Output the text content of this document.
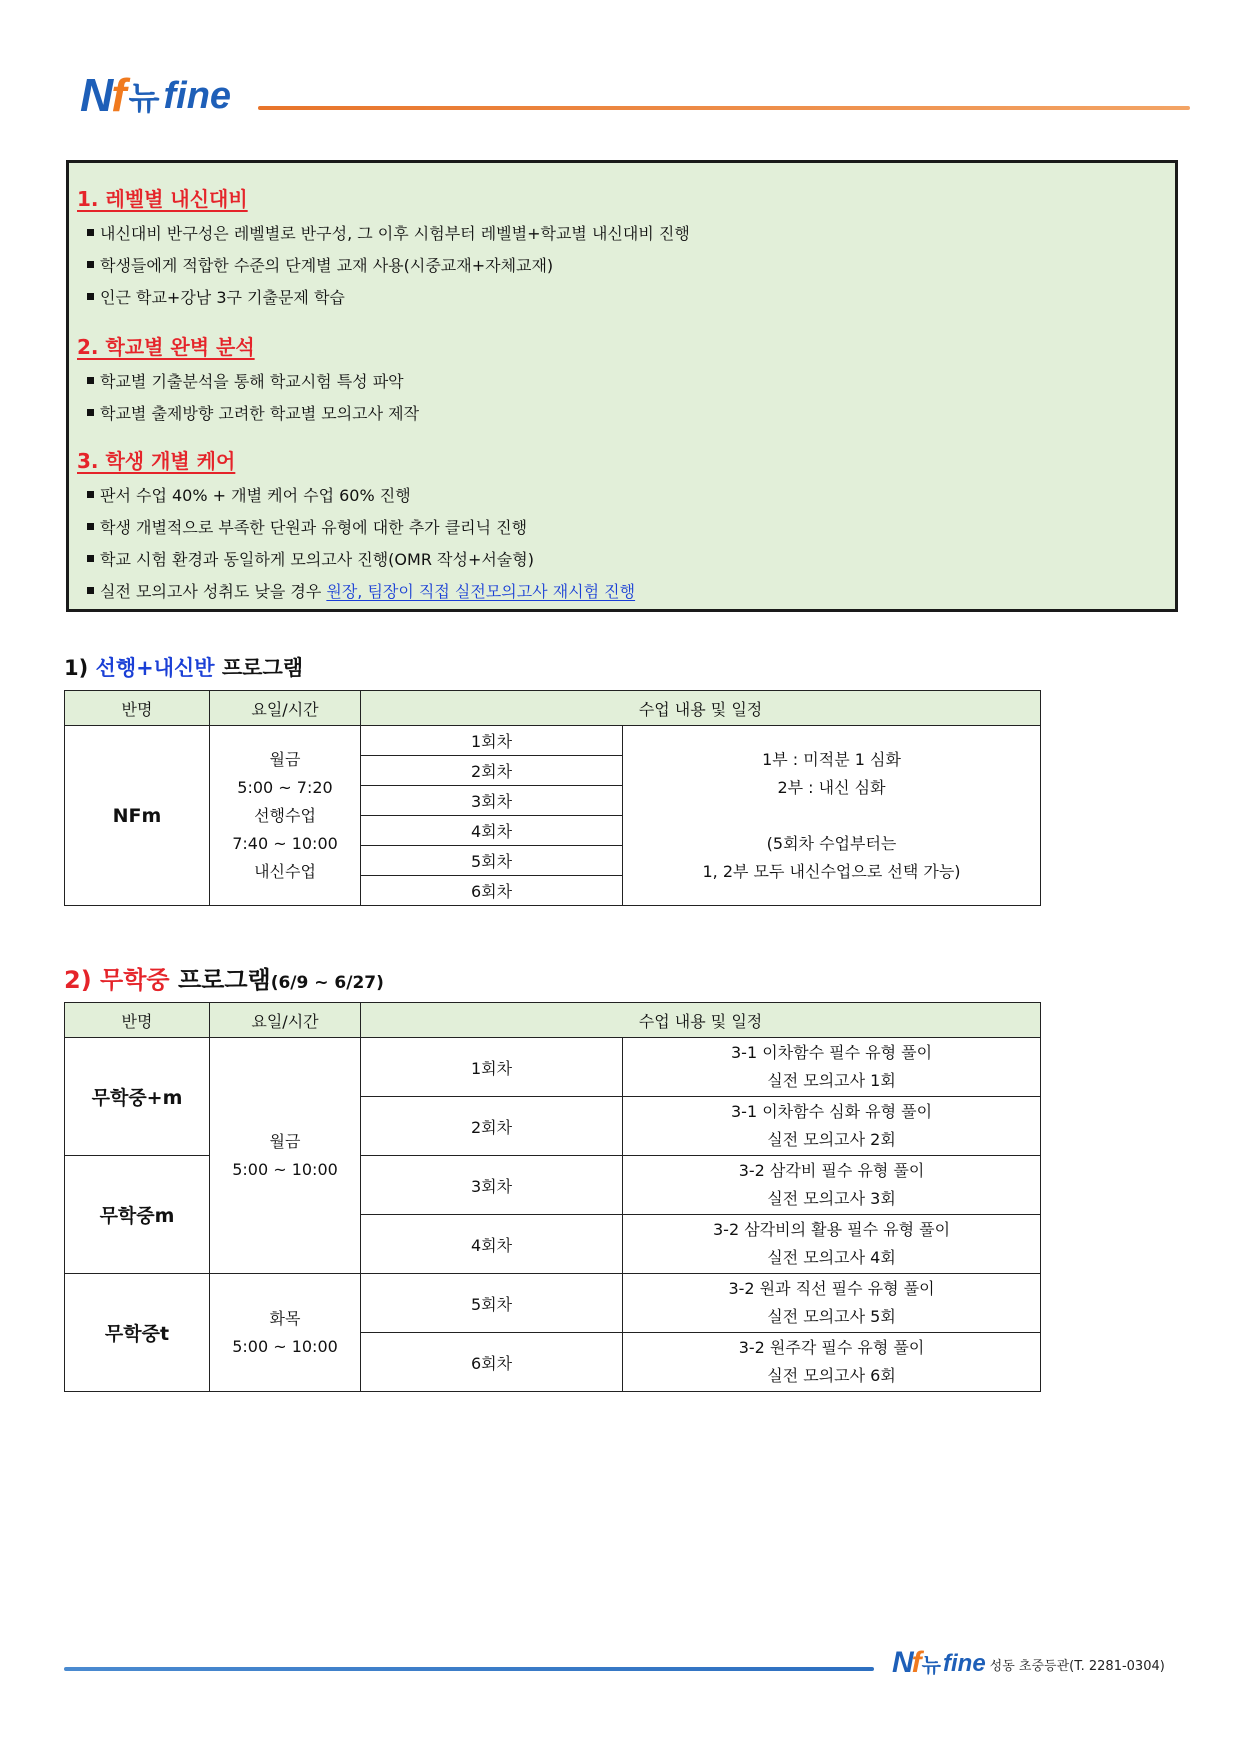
Nf 뉴 fine
1. 레벨별 내신대비
내신대비 반구성은 레벨별로 반구성, 그 이후 시험부터 레벨별+학교별 내신대비 진행
학생들에게 적합한 수준의 단계별 교재 사용(시중교재+자체교재)
인근 학교+강남 3구 기출문제 학습
2. 학교별 완벽 분석
학교별 기출분석을 통해 학교시험 특성 파악
학교별 출제방향 고려한 학교별 모의고사 제작
3. 학생 개별 케어
판서 수업 40% + 개별 케어 수업 60% 진행
학생 개별적으로 부족한 단원과 유형에 대한 추가 클리닉 진행
학교 시험 환경과 동일하게 모의고사 진행(OMR 작성+서술형)
실전 모의고사 성취도 낮을 경우 원장, 팀장이 직접 실전모의고사 재시험 진행
1) 선행+내신반 프로그램
반명	요일/시간	수업 내용 및 일정	
NFm	월금
5:00 ~ 7:20
선행수업
7:40 ~ 10:00
내신수업	1회차	1부 : 미적분 1 심화
2부 : 내신 심화

(5회차 수업부터는
1, 2부 모두 내신수업으로 선택 가능)

		2회차	
		3회차	
		4회차	
		5회차	
		6회차	
2) 무학중 프로그램(6/9 ~ 6/27)
반명	요일/시간	수업 내용 및 일정	
무학중+m	월금
5:00 ~ 10:00	1회차	3-1 이차함수 필수 유형 풀이
실전 모의고사 1회

		2회차	3-1 이차함수 심화 유형 풀이
실전 모의고사 2회

무학중m		3회차	3-2 삼각비 필수 유형 풀이
실전 모의고사 3회

		4회차	3-2 삼각비의 활용 필수 유형 풀이
실전 모의고사 4회

무학중t	화목
5:00 ~ 10:00	5회차	3-2 원과 직선 필수 유형 풀이
실전 모의고사 5회

		6회차	3-2 원주각 필수 유형 풀이
실전 모의고사 6회
Nf 뉴 fine 성동 초중등관(T. 2281-0304)
